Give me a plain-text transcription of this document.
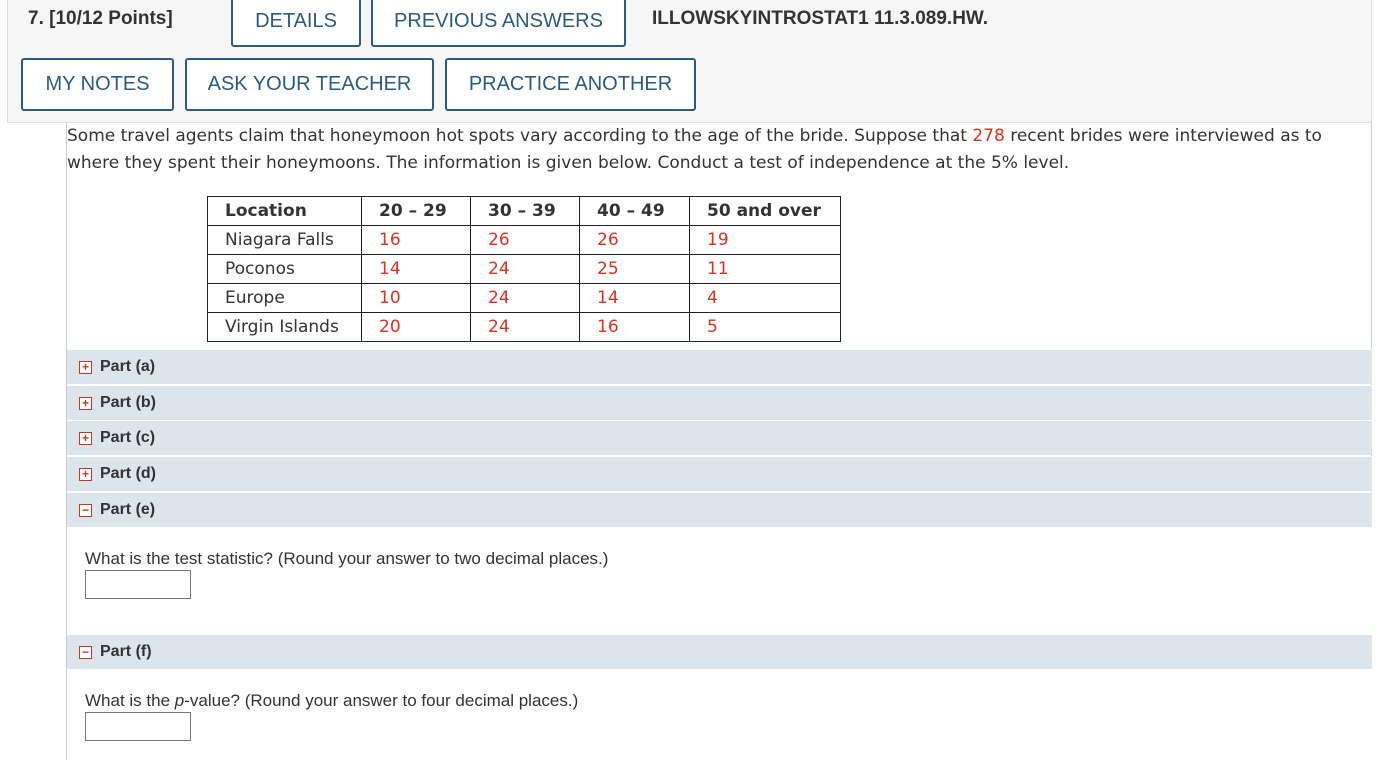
7. [10/12 Points]	DETAILS	PREVIOUS ANSWERS	ILLOWSKYINTROSTAT1 11.3.089.HW.
MY NOTES	ASK YOUR TEACHER	PRACTICE ANOTHER
Some travel agents claim that honeymoon hot spots vary according to the age of the bride. Suppose that 278 recent brides were interviewed as to where they spent their honeymoons. The information is given below. Conduct a test of independence at the 5% level.
Location	20 – 29	30 – 39	40 – 49	50 and over
Niagara Falls	16	26	26	19
Poconos	14	24	25	11
Europe	10	24	14	4
Virgin Islands	20	24	16	5
+ Part (a)
+ Part (b)
+ Part (c)
+ Part (d)
− Part (e)
What is the test statistic? (Round your answer to two decimal places.)
− Part (f)
What is the p-value? (Round your answer to four decimal places.)
